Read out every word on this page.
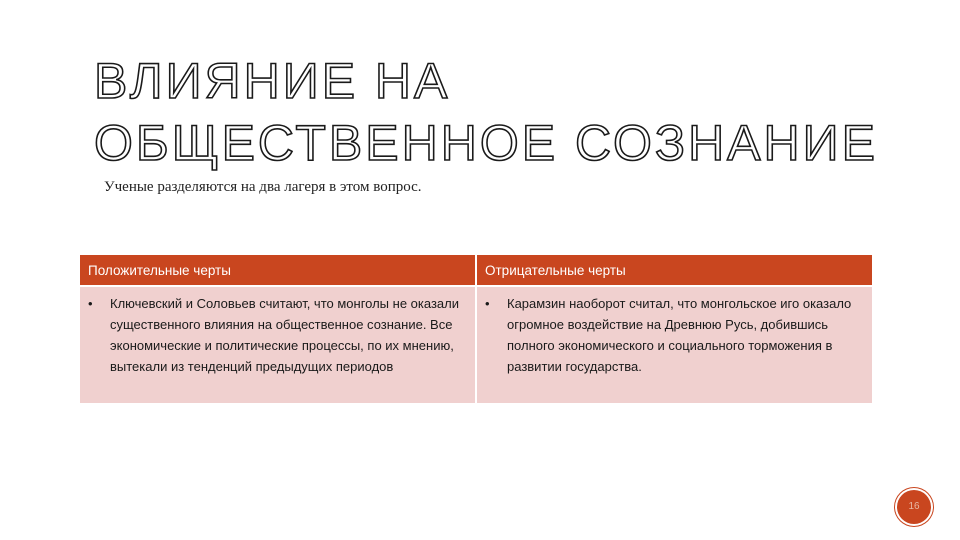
ВЛИЯНИЕ НА ОБЩЕСТВЕННОЕ СОЗНАНИЕ
Ученые разделяются на два лагеря в этом вопрос.
Положительные черты	Отрицательные черты

• Ключевский и Соловьев считают, что монголы не оказали существенного влияния на общественное сознание. Все экономические и политические процессы, по их мнению, вытекали из тенденций предыдущих периодов	• Карамзин наоборот считал, что монгольское иго оказало огромное воздействие на Древнюю Русь, добившись полного экономического и социального торможения в развитии государства.
16
